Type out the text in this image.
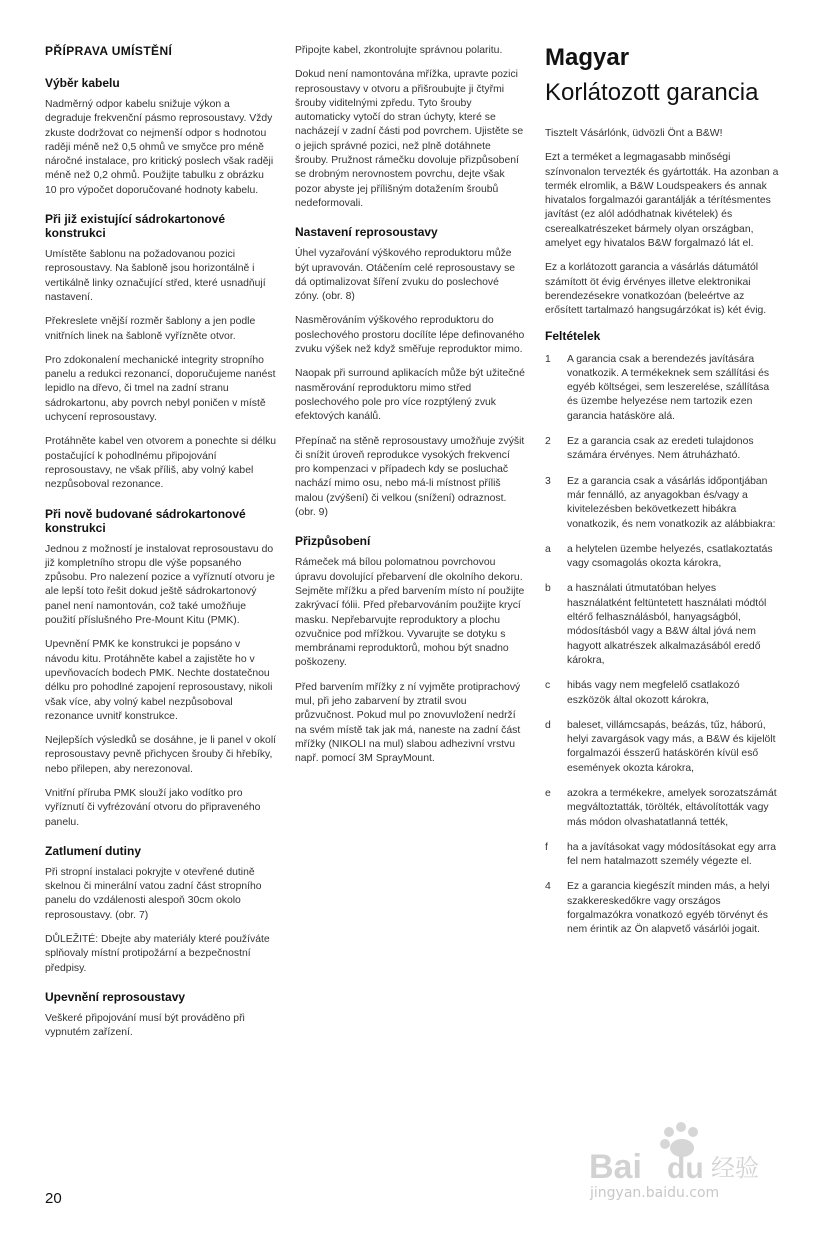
PŘÍPRAVA UMÍSTĚNÍ
Výběr kabelu

Nadměrný odpor kabelu snižuje výkon a degraduje frekvenční pásmo reprosoustavy. Vždy zkuste dodržovat co nejmenší odpor s hodnotou raději méně než 0,5 ohmů ve smyčce pro méně náročné instalace, pro kritický poslech však raději méně než 0,2 ohmů. Použijte tabulku z obrázku 10 pro výpočet doporučované hodnoty kabelu.

Při již existující sádrokartonové konstrukci

Umístěte šablonu na požadovanou pozici reprosoustavy. Na šabloně jsou horizontálně i vertikálně linky označující střed, které usnadňují nastavení.

Překreslete vnější rozměr šablony a jen podle vnitřních linek na šabloně vyřízněte otvor.

Pro zdokonalení mechanické integrity stropního panelu a redukci rezonancí, doporučujeme nanést lepidlo na dřevo, či tmel na zadní stranu sádrokartonu, aby povrch nebyl poničen v místě uchycení reprosoustavy.

Protáhněte kabel ven otvorem a ponechte si délku postačující k pohodlnému připojování reprosoustavy, ne však příliš, aby volný kabel nezpůsoboval rezonance.

Při nově budované sádrokartonové konstrukci

Jednou z možností je instalovat reprosoustavu do již kompletního stropu dle výše popsaného způsobu. Pro nalezení pozice a vyříznutí otvoru je ale lepší toto řešit dokud ještě sádrokartonový panel není namontován, což také umožňuje použití příslušného Pre-Mount Kitu (PMK).

Upevnění PMK ke konstrukci je popsáno v návodu kitu. Protáhněte kabel a zajistěte ho v upevňovacích bodech PMK. Nechte dostatečnou délku pro pohodlné zapojení reprosoustavy, nikoli však více, aby volný kabel nezpůsoboval rezonance uvnitř konstrukce.

Nejlepších výsledků se dosáhne, je li panel v okolí reprosoustavy pevně přichycen šrouby či hřebíky, nebo přilepen, aby nerezonoval.

Vnitřní příruba PMK slouží jako vodítko pro vyříznutí či vyfrézování otvoru do připraveného panelu.

Zatlumení dutiny

Při stropní instalaci pokryjte v otevřené dutině skelnou či minerální vatou zadní část stropního panelu do vzdálenosti alespoň 30cm okolo reprosoustavy. (obr. 7)

DŮLEŽITÉ: Dbejte aby materiály které používáte splňovaly místní protipožární a bezpečnostní předpisy.

Upevnění reprosoustavy

Veškeré připojování musí být prováděno při vypnutém zařízení.

Připojte kabel, zkontrolujte správnou polaritu.

Dokud není namontována mřížka, upravte pozici reprosoustavy v otvoru a přišroubujte ji čtyřmi šrouby viditelnými zpředu. Tyto šrouby automaticky vytočí do stran úchyty, které se nacházejí v zadní části pod povrchem. Ujistěte se o jejich správné pozici, než plně dotáhnete šrouby. Pružnost rámečku dovoluje přizpůsobení se drobným nerovnostem povrchu, dejte však pozor abyste jej přílišným dotažením šroubů nedeformovali.

Nastavení reprosoustavy

Úhel vyzařování výškového reproduktoru může být upravován. Otáčením celé reprosoustavy se dá optimalizovat šíření zvuku do poslechové zóny. (obr. 8)

Nasměrováním výškového reproduktoru do poslechového prostoru docílíte lépe definovaného zvuku výšek než když směřuje reproduktor mimo.

Naopak při surround aplikacích může být užitečné nasměrování reproduktoru mimo střed poslechového pole pro více rozptýlený zvuk efektových kanálů.

Přepínač na stěně reprosoustavy umožňuje zvýšit či snížit úroveň reprodukce vysokých frekvencí pro kompenzaci v případech kdy se posluchač nachází mimo osu, nebo má-li místnost příliš malou (zvýšení) či velkou (snížení) odraznost. (obr. 9)

Přizpůsobení

Rámeček má bílou polomatnou povrchovou úpravu dovolující přebarvení dle okolního dekoru. Sejměte mřížku a před barvením místo ní použijte zakrývací fólii. Před přebarvováním použijte krycí masku. Nepřebarvujte reproduktory a plochu ozvučnice pod mřížkou. Vyvarujte se dotyku s membránami reproduktorů, mohou být snadno poškozeny.

Před barvením mřížky z ní vyjměte protiprachový mul, při jeho zabarvení by ztratil svou průzvučnost. Pokud mul po znovuvložení nedrží na svém místě tak jak má, naneste na zadní část mřížky (NIKOLI na mul) slabou adhezivní vrstvu např. pomocí 3M SprayMount.

Magyar
Korlátozott garancia

Tisztelt Vásárlónk, üdvözli Önt a B&W!

Ezt a terméket a legmagasabb minőségi színvonalon tervezték és gyártották. Ha azonban a termék elromlik, a B&W Loudspeakers és annak hivatalos forgalmazói garantálják a térítésmentes javítást (ez alól adódhatnak kivételek) és cserealkatrészeket bármely olyan országban, amelyet egy hivatalos B&W forgalmazó lát el.

Ez a korlátozott garancia a vásárlás dátumától számított öt évig érvényes illetve elektronikai berendezésekre vonatkozóan (beleértve az erősített tartalmazó hangsugárzókat is) két évig.

Feltételek
1	A garancia csak a berendezés javítására vonatkozik. A termékeknek sem szállítási és egyéb költségei, sem leszerelése, szállítása és üzembe helyezése nem tartozik ezen garancia hatásköre alá.
2	Ez a garancia csak az eredeti tulajdonos számára érvényes. Nem átruházható.
3	Ez a garancia csak a vásárlás időpontjában már fennálló, az anyagokban és/vagy a kivitelezésben bekövetkezett hibákra vonatkozik, és nem vonatkozik az alábbiakra:
a	a helytelen üzembe helyezés, csatlakoztatás vagy csomagolás okozta károkra,
b	a használati útmutatóban helyes használatként feltüntetett használati módtól eltérő felhasználásból, hanyagságból, módosításból vagy a B&W által jóvá nem hagyott alkatrészek alkalmazásából eredő károkra,
c	hibás vagy nem megfelelő csatlakozó eszközök által okozott károkra,
d	baleset, villámcsapás, beázás, tűz, háború, helyi zavargások vagy más, a B&W és kijelölt forgalmazói ésszerű hatáskörén kívül eső események okozta károkra,
e	azokra a termékekre, amelyek sorozatszámát megváltoztatták, törölték, eltávolították vagy más módon olvashatatlanná tették,
f	ha a javításokat vagy módosításokat egy arra fel nem hatalmazott személy végezte el.
4	Ez a garancia kiegészít minden más, a helyi szakkereskedőkre vagy országos forgalmazókra vonatkozó egyéb törvényt és nem érintik az Ön alapvető vásárlói jogait.
20
Bai du 经验
jingyan.baidu.com
